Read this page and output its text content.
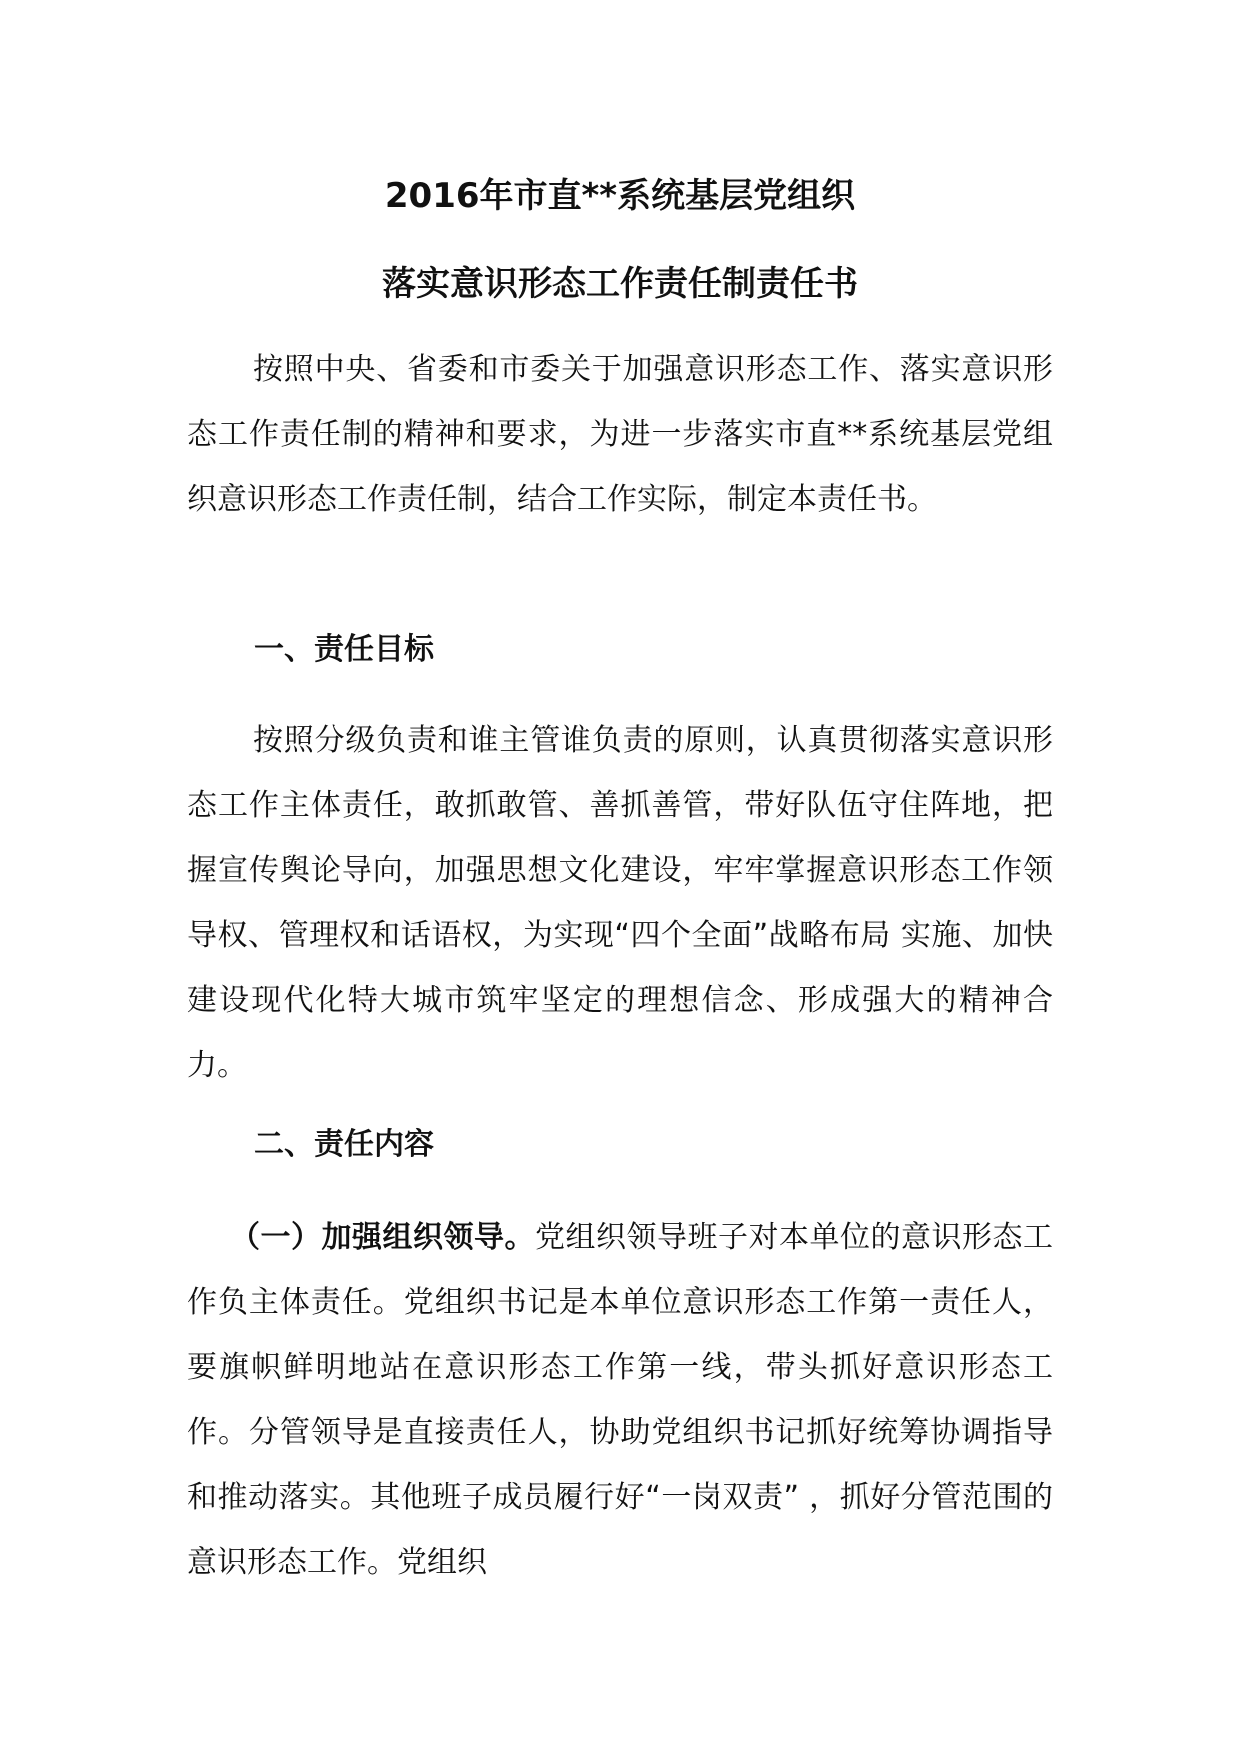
2016年市直**系统基层党组织
落实意识形态工作责任制责任书

按照中央、省委和市委关于加强意识形态工作、落实意识形态工作责任制的精神和要求，为进一步落实市直**系统基层党组织意识形态工作责任制，结合工作实际，制定本责任书。

一、责任目标

按照分级负责和谁主管谁负责的原则，认真贯彻落实意识形态工作主体责任，敢抓敢管、善抓善管，带好队伍守住阵地，把握宣传舆论导向，加强思想文化建设，牢牢掌握意识形态工作领导权、管理权和话语权，为实现“四个全面”战略布局 实施、加快建设现代化特大城市筑牢坚定的理想信念、形成强大的精神合力。

二、责任内容

（一）加强组织领导。党组织领导班子对本单位的意识形态工作负主体责任。党组织书记是本单位意识形态工作第一责任人，要旗帜鲜明地站在意识形态工作第一线，带头抓好意识形态工作。分管领导是直接责任人，协助党组织书记抓好统筹协调指导和推动落实。其他班子成员履行好“一岗双责” ，抓好分管范围的意识形态工作。党组织
